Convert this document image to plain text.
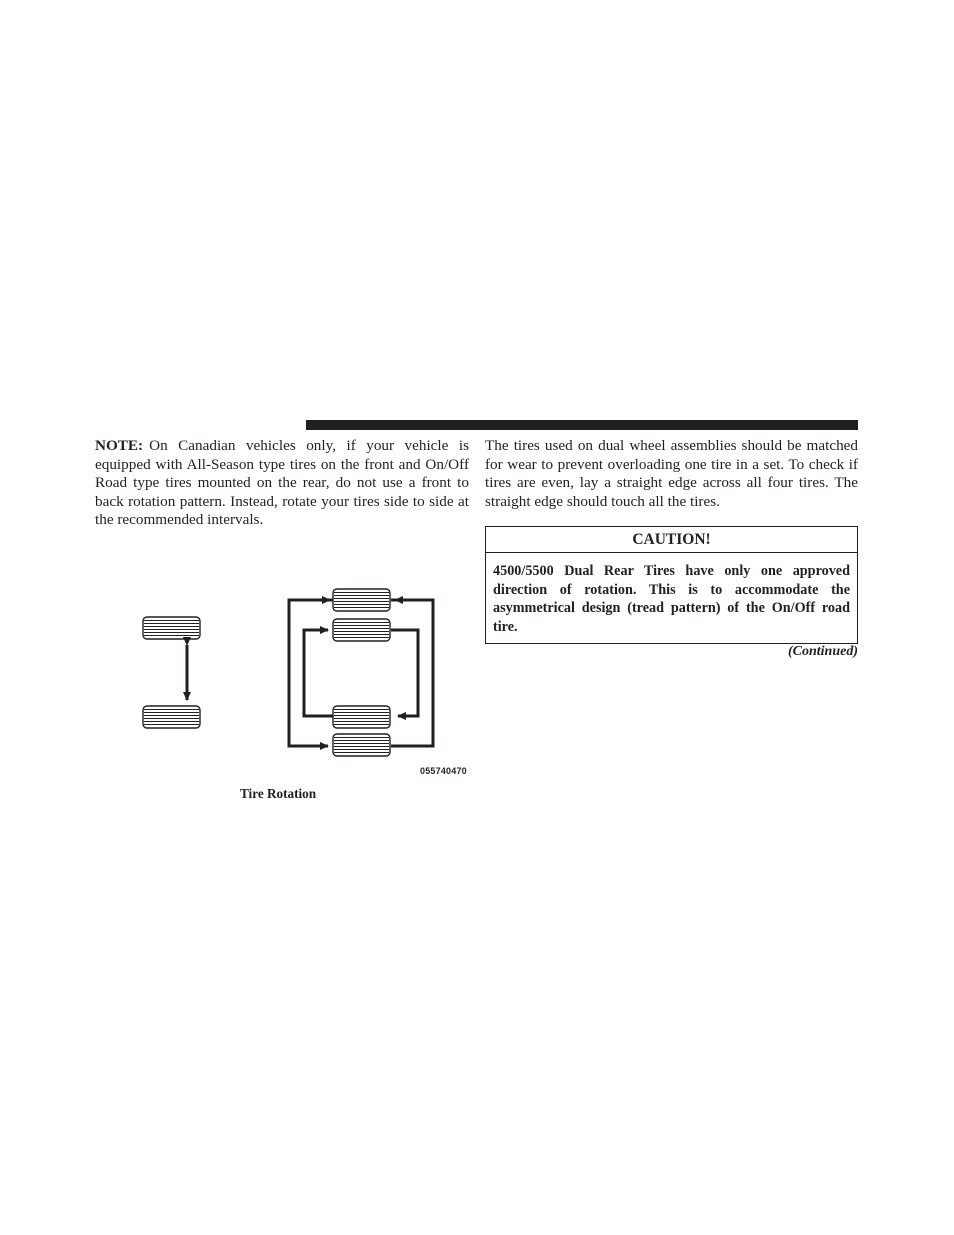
NOTE: On Canadian vehicles only, if your vehicle is equipped with All-Season type tires on the front and On/Off Road type tires mounted on the rear, do not use a front to back rotation pattern. Instead, rotate your tires side to side at the recommended intervals.
The tires used on dual wheel assemblies should be matched for wear to prevent overloading one tire in a set. To check if tires are even, lay a straight edge across all four tires. The straight edge should touch all the tires.
CAUTION!
4500/5500 Dual Rear Tires have only one approved direction of rotation. This is to accommodate the asymmetrical design (tread pattern) of the On/Off road tire.
(Continued)
055740470
Tire Rotation
